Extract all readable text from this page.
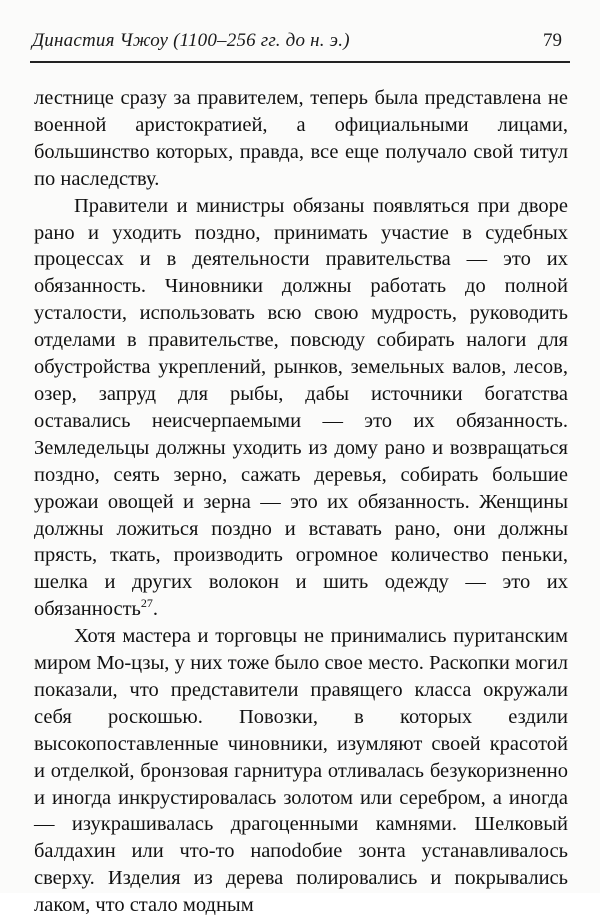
Династия Чжоу (1100–256 гг. до н. э.)	79

лестнице сразу за правителем, теперь была представлена не военной аристократией, а официальными лицами, большинство которых, правда, все еще получало свой титул по наследству.

Правители и министры обязаны появляться при дворе рано и уходить поздно, принимать участие в судебных процессах и в деятельности правительства — это их обязанность. Чиновники должны работать до полной усталости, использовать всю свою мудрость, руководить отделами в правительстве, повсюду собирать налоги для обустройства укреплений, рынков, земельных валов, лесов, озер, запруд для рыбы, дабы источники богатства оставались неисчерпаемыми — это их обязанность. Земледельцы должны уходить из дому рано и возвращаться поздно, сеять зерно, сажать деревья, собирать большие урожаи овощей и зерна — это их обязанность. Женщины должны ложиться поздно и вставать рано, они должны прясть, ткать, производить огромное количество пеньки, шелка и других волокон и шить одежду — это их обязанность$^{27}$.

Хотя мастера и торговцы не принимались пуританским миром Мо-цзы, у них тоже было свое место. Раскопки могил показали, что представители правящего класса окружали себя роскошью. Повозки, в которых ездили высокопоставленные чиновники, изумляют своей красотой и отделкой, бронзовая гарнитура отливалась безукоризненно и иногда инкрустировалась золотом или серебром, а иногда — изукрашивалась драгоценными камнями. Шелковый балдахин или что-то напоdобие зонта устанавливалось сверху. Изделия из дерева полировались и покрывались лаком, что стало модным
